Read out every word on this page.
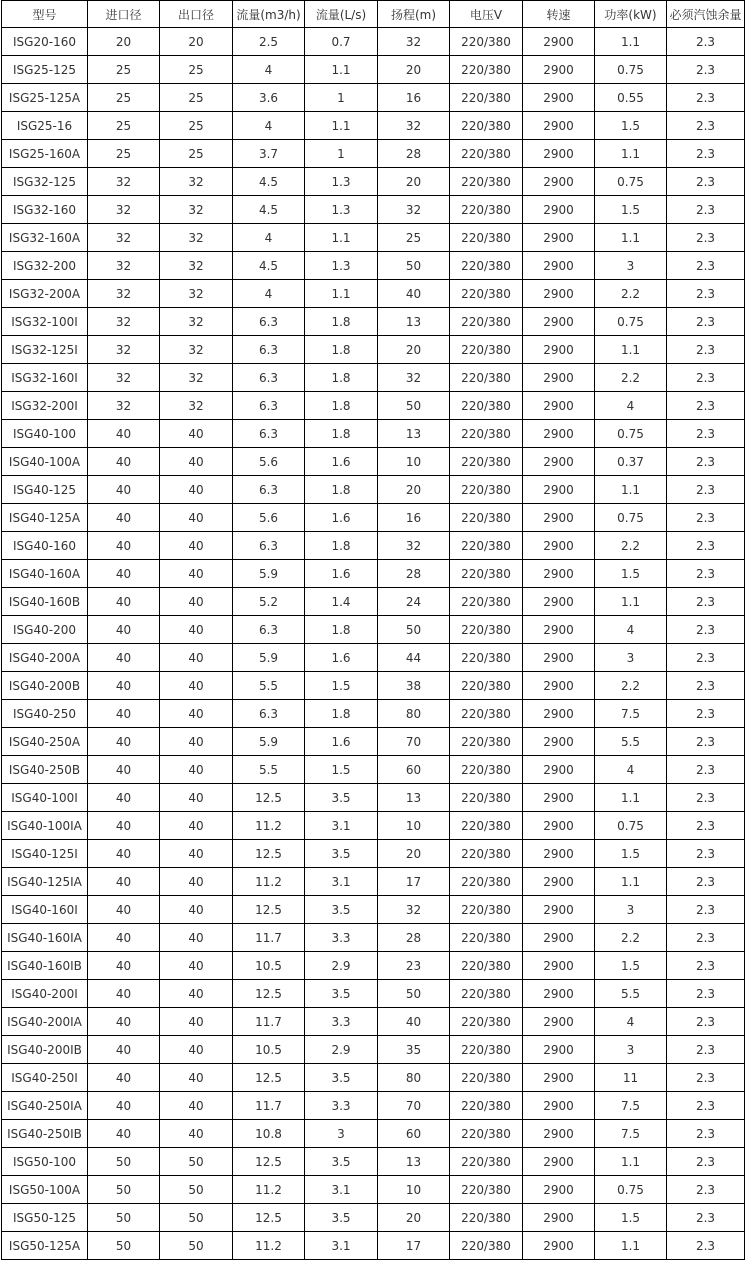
型号	进口径	出口径	流量(m3/h)	流量(L/s)	扬程(m)	电压V	转速	功率(kW)	必须汽蚀余量
ISG20-160	20	20	2.5	0.7	32	220/380	2900	1.1	2.3
ISG25-125	25	25	4	1.1	20	220/380	2900	0.75	2.3
ISG25-125A	25	25	3.6	1	16	220/380	2900	0.55	2.3
ISG25-16	25	25	4	1.1	32	220/380	2900	1.5	2.3
ISG25-160A	25	25	3.7	1	28	220/380	2900	1.1	2.3
ISG32-125	32	32	4.5	1.3	20	220/380	2900	0.75	2.3
ISG32-160	32	32	4.5	1.3	32	220/380	2900	1.5	2.3
ISG32-160A	32	32	4	1.1	25	220/380	2900	1.1	2.3
ISG32-200	32	32	4.5	1.3	50	220/380	2900	3	2.3
ISG32-200A	32	32	4	1.1	40	220/380	2900	2.2	2.3
ISG32-100I	32	32	6.3	1.8	13	220/380	2900	0.75	2.3
ISG32-125I	32	32	6.3	1.8	20	220/380	2900	1.1	2.3
ISG32-160I	32	32	6.3	1.8	32	220/380	2900	2.2	2.3
ISG32-200I	32	32	6.3	1.8	50	220/380	2900	4	2.3
ISG40-100	40	40	6.3	1.8	13	220/380	2900	0.75	2.3
ISG40-100A	40	40	5.6	1.6	10	220/380	2900	0.37	2.3
ISG40-125	40	40	6.3	1.8	20	220/380	2900	1.1	2.3
ISG40-125A	40	40	5.6	1.6	16	220/380	2900	0.75	2.3
ISG40-160	40	40	6.3	1.8	32	220/380	2900	2.2	2.3
ISG40-160A	40	40	5.9	1.6	28	220/380	2900	1.5	2.3
ISG40-160B	40	40	5.2	1.4	24	220/380	2900	1.1	2.3
ISG40-200	40	40	6.3	1.8	50	220/380	2900	4	2.3
ISG40-200A	40	40	5.9	1.6	44	220/380	2900	3	2.3
ISG40-200B	40	40	5.5	1.5	38	220/380	2900	2.2	2.3
ISG40-250	40	40	6.3	1.8	80	220/380	2900	7.5	2.3
ISG40-250A	40	40	5.9	1.6	70	220/380	2900	5.5	2.3
ISG40-250B	40	40	5.5	1.5	60	220/380	2900	4	2.3
ISG40-100I	40	40	12.5	3.5	13	220/380	2900	1.1	2.3
ISG40-100IA	40	40	11.2	3.1	10	220/380	2900	0.75	2.3
ISG40-125I	40	40	12.5	3.5	20	220/380	2900	1.5	2.3
ISG40-125IA	40	40	11.2	3.1	17	220/380	2900	1.1	2.3
ISG40-160I	40	40	12.5	3.5	32	220/380	2900	3	2.3
ISG40-160IA	40	40	11.7	3.3	28	220/380	2900	2.2	2.3
ISG40-160IB	40	40	10.5	2.9	23	220/380	2900	1.5	2.3
ISG40-200I	40	40	12.5	3.5	50	220/380	2900	5.5	2.3
ISG40-200IA	40	40	11.7	3.3	40	220/380	2900	4	2.3
ISG40-200IB	40	40	10.5	2.9	35	220/380	2900	3	2.3
ISG40-250I	40	40	12.5	3.5	80	220/380	2900	11	2.3
ISG40-250IA	40	40	11.7	3.3	70	220/380	2900	7.5	2.3
ISG40-250IB	40	40	10.8	3	60	220/380	2900	7.5	2.3
ISG50-100	50	50	12.5	3.5	13	220/380	2900	1.1	2.3
ISG50-100A	50	50	11.2	3.1	10	220/380	2900	0.75	2.3
ISG50-125	50	50	12.5	3.5	20	220/380	2900	1.5	2.3
ISG50-125A	50	50	11.2	3.1	17	220/380	2900	1.1	2.3
